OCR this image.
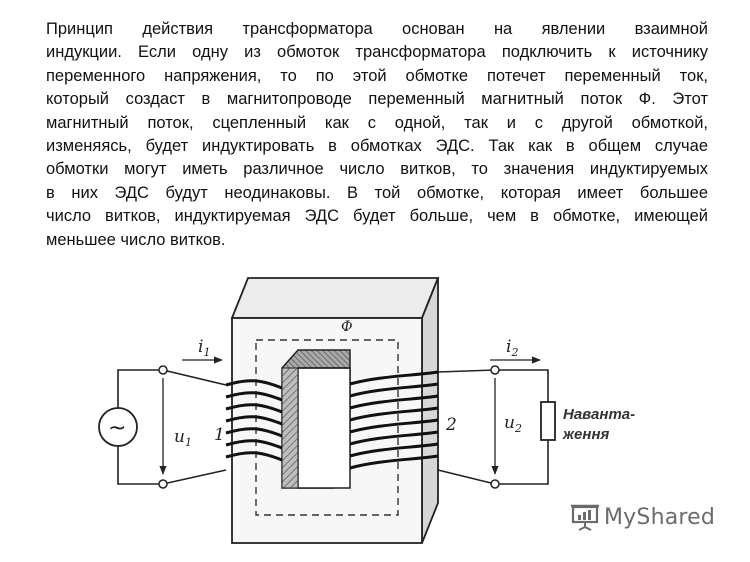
Принцип действия трансформатора основан на явлении взаимной
индукции. Если одну из обмоток трансформатора подключить к источнику
переменного напряжения, то по этой обмотке потечет переменный ток,
который создаст в магнитопроводе переменный магнитный поток Ф. Этот
магнитный поток, сцепленный как с одной, так и с другой обмоткой,
изменяясь, будет индуктировать в обмотках ЭДС. Так как в общем случае
обмотки могут иметь различное число витков, то значения индуктируемых
в них ЭДС будут неодинаковы. В той обмотке, которая имеет большее
число витков, индуктируемая ЭДС будет больше, чем в обмотке, имеющей
меньшее число витков.
Ф
~
$i_1$
$u_1$ 1
$i_2$
$u_2$
2
Наванта-
ження
MyShared
